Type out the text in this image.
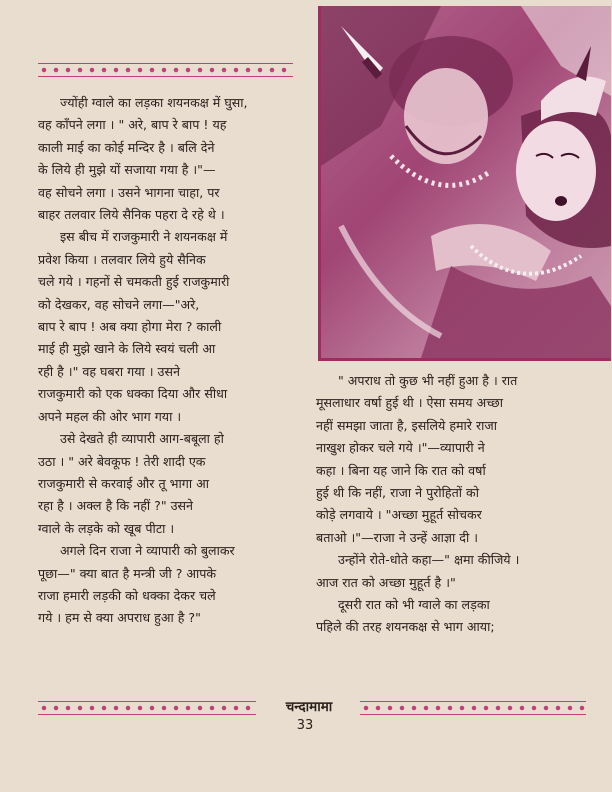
ज्योंही ग्वाले का लड़का शयनकक्ष में घुसा,

वह काँपने लगा । " अरे, बाप रे बाप ! यह

काली माई का कोई मन्दिर है । बलि देने

के लिये ही मुझे यों सजाया गया है ।"—

वह सोचने लगा । उसने भागना चाहा, पर

बाहर तलवार लिये सैनिक पहरा दे रहे थे ।

इस बीच में राजकुमारी ने शयनकक्ष में

प्रवेश किया । तलवार लिये हुये सैनिक

चले गये । गहनों से चमकती हुई राजकुमारी

को देखकर, वह सोचने लगा—"अरे,

बाप रे बाप ! अब क्या होगा मेरा ? काली

माई ही मुझे खाने के लिये स्वयं चली आ

रही है ।" वह घबरा गया । उसने

राजकुमारी को एक धक्का दिया और सीधा

अपने महल की ओर भाग गया ।

उसे देखते ही व्यापारी आग-बबूला हो

उठा । " अरे बेवकूफ ! तेरी शादी एक

राजकुमारी से करवाई और तू भागा आ

रहा है । अक्ल है कि नहीं ?" उसने

ग्वाले के लड़के को खूब पीटा ।

अगले दिन राजा ने व्यापारी को बुलाकर

पूछा—" क्या बात है मन्त्री जी ? आपके

राजा हमारी लड़की को धक्का देकर चले

गये । हम से क्या अपराध हुआ है ?"

" अपराध तो कुछ भी नहीं हुआ है । रात

मूसलाधार वर्षा हुई थी । ऐसा समय अच्छा

नहीं समझा जाता है, इसलिये हमारे राजा

नाखुश होकर चले गये ।"—व्यापारी ने

कहा । बिना यह जाने कि रात को वर्षा

हुई थी कि नहीं, राजा ने पुरोहितों को

कोड़े लगवाये । "अच्छा मुहूर्त सोचकर

बताओ ।"—राजा ने उन्हें आज्ञा दी ।

उन्होंने रोते-धोते कहा—" क्षमा कीजिये ।

आज रात को अच्छा मुहूर्त है ।"

दूसरी रात को भी ग्वाले का लड़का

पहिले की तरह शयनकक्ष से भाग आया;

चन्दामामा
33
